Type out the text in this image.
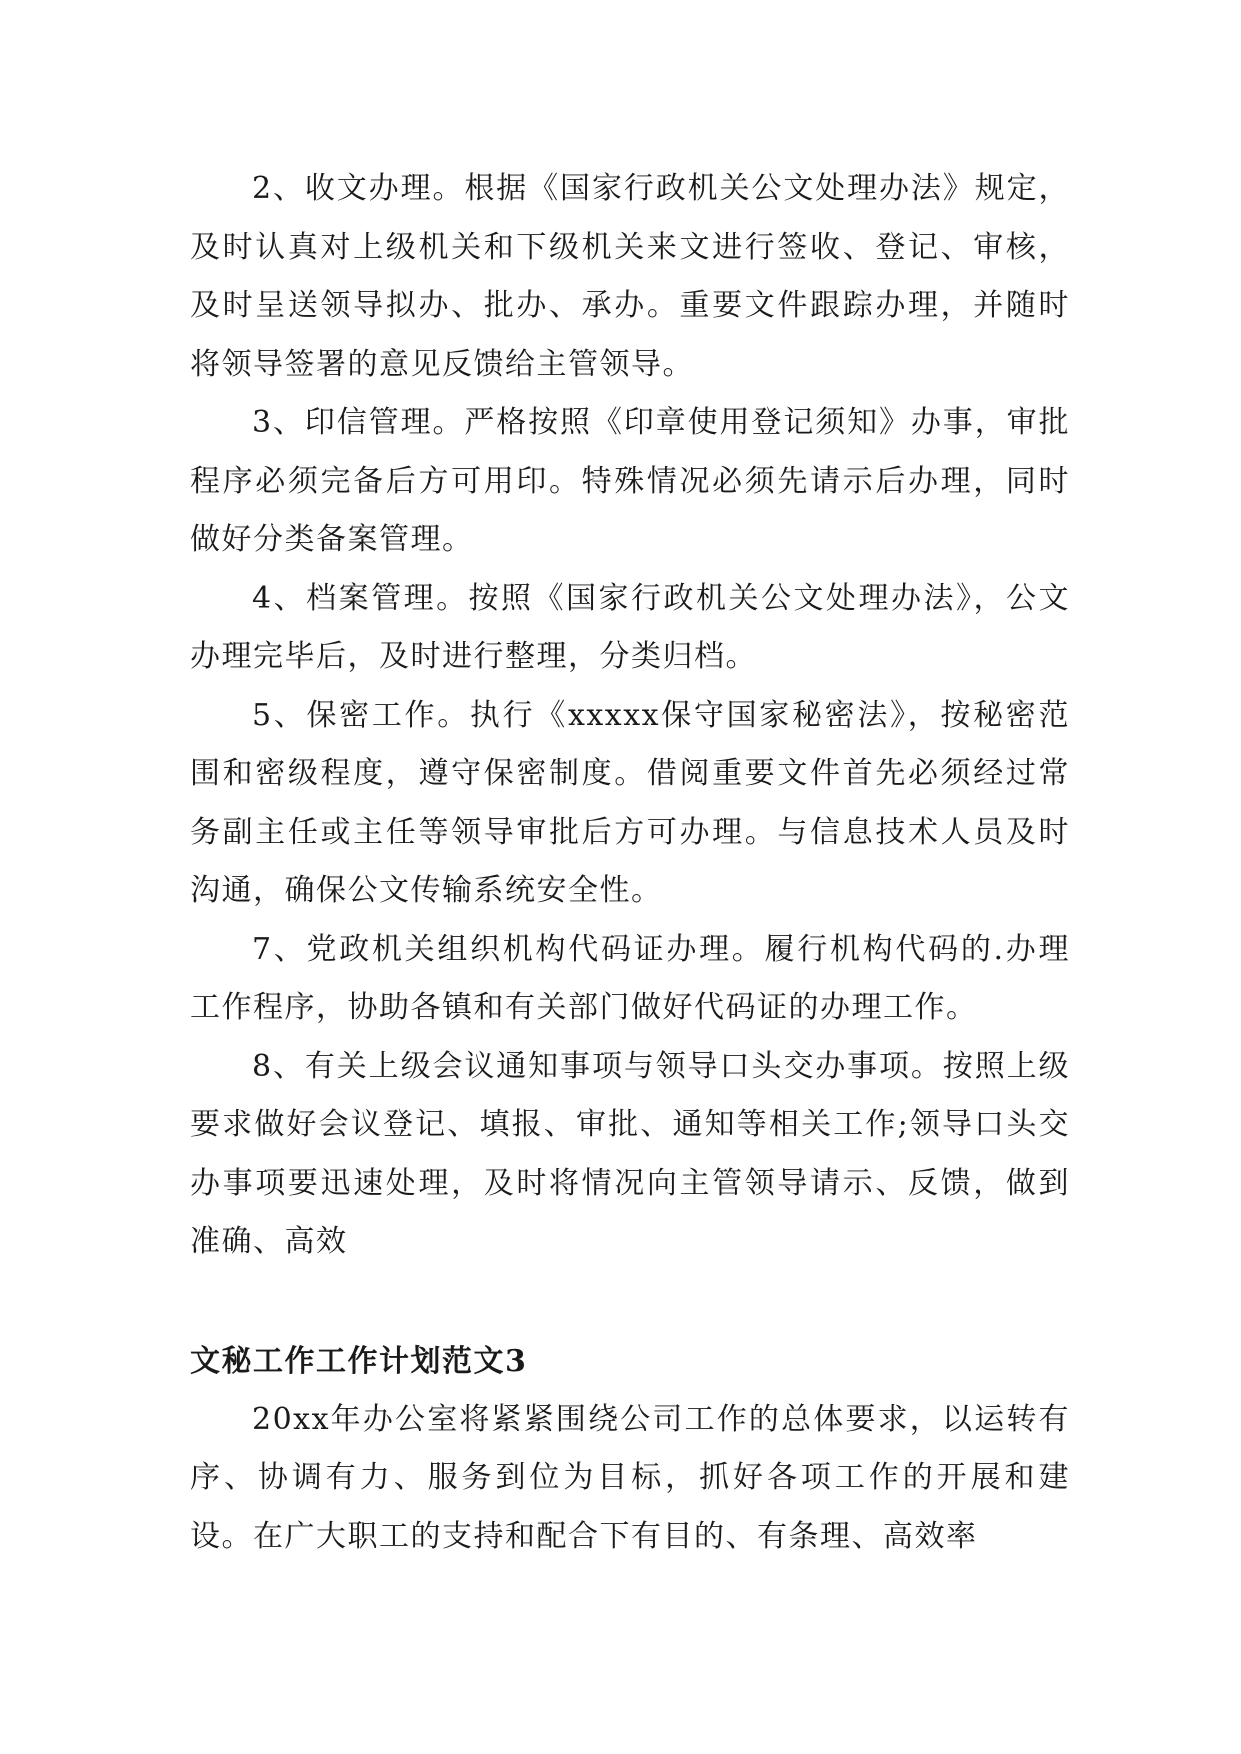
2、收文办理。根据《国家行政机关公文处理办法》规定，及时认真对上级机关和下级机关来文进行签收、登记、审核，及时呈送领导拟办、批办、承办。重要文件跟踪办理，并随时将领导签署的意见反馈给主管领导。

3、印信管理。严格按照《印章使用登记须知》办事，审批程序必须完备后方可用印。特殊情况必须先请示后办理，同时做好分类备案管理。

4、档案管理。按照《国家行政机关公文处理办法》，公文办理完毕后，及时进行整理，分类归档。

5、保密工作。执行《xxxxx保守国家秘密法》，按秘密范围和密级程度，遵守保密制度。借阅重要文件首先必须经过常务副主任或主任等领导审批后方可办理。与信息技术人员及时沟通，确保公文传输系统安全性。

7、党政机关组织机构代码证办理。履行机构代码的.办理工作程序，协助各镇和有关部门做好代码证的办理工作。

8、有关上级会议通知事项与领导口头交办事项。按照上级要求做好会议登记、填报、审批、通知等相关工作;领导口头交办事项要迅速处理，及时将情况向主管领导请示、反馈，做到准确、高效

文秘工作工作计划范文3

20xx年办公室将紧紧围绕公司工作的总体要求，以运转有序、协调有力、服务到位为目标，抓好各项工作的开展和建设。在广大职工的支持和配合下有目的、有条理、高效率
